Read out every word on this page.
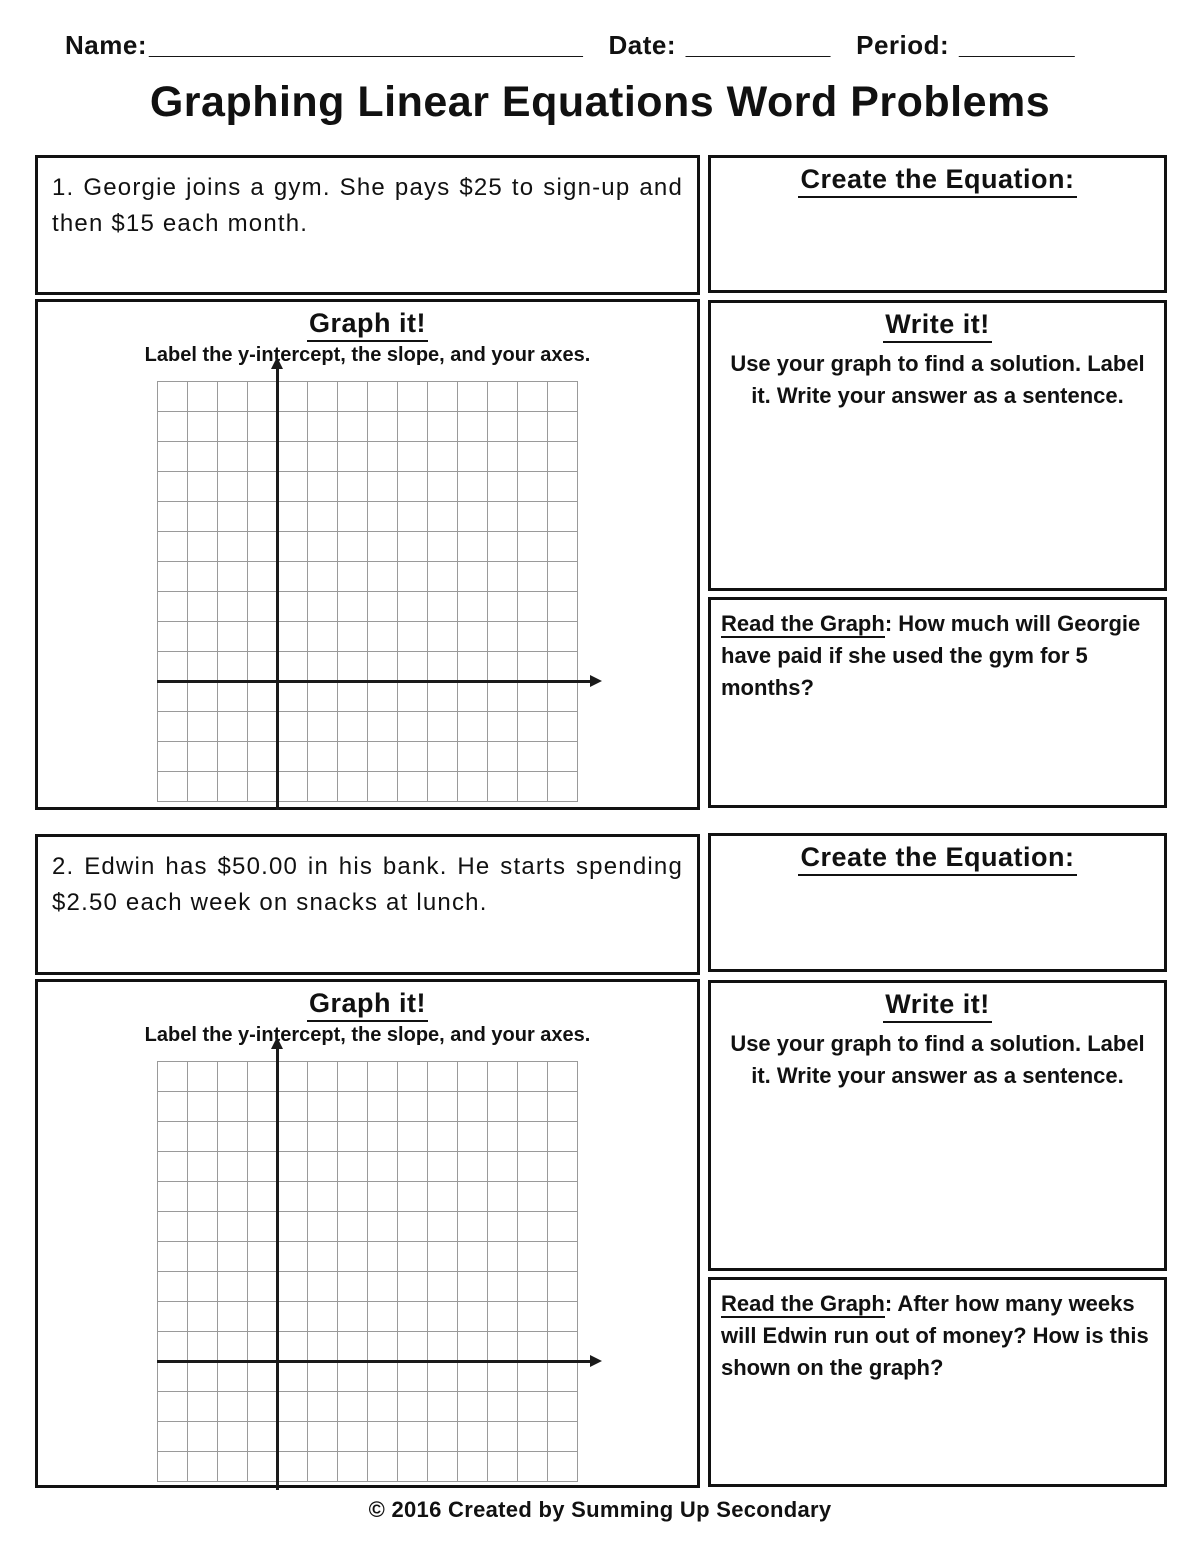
Name:______________________________ Date: __________ Period: ________
Graphing Linear Equations Word Problems
1. Georgie joins a gym. She pays $25 to sign-up and then $15 each month.
Create the Equation:
Graph it!
Label the y-intercept, the slope, and your axes.
Write it!
Use your graph to find a solution. Label it. Write your answer as a sentence.
Read the Graph: How much will Georgie have paid if she used the gym for 5 months?
2. Edwin has $50.00 in his bank. He starts spending $2.50 each week on snacks at lunch.
Create the Equation:
Graph it!
Label the y-intercept, the slope, and your axes.
Write it!
Use your graph to find a solution. Label it. Write your answer as a sentence.
Read the Graph: After how many weeks will Edwin run out of money? How is this shown on the graph?
© 2016 Created by Summing Up Secondary
